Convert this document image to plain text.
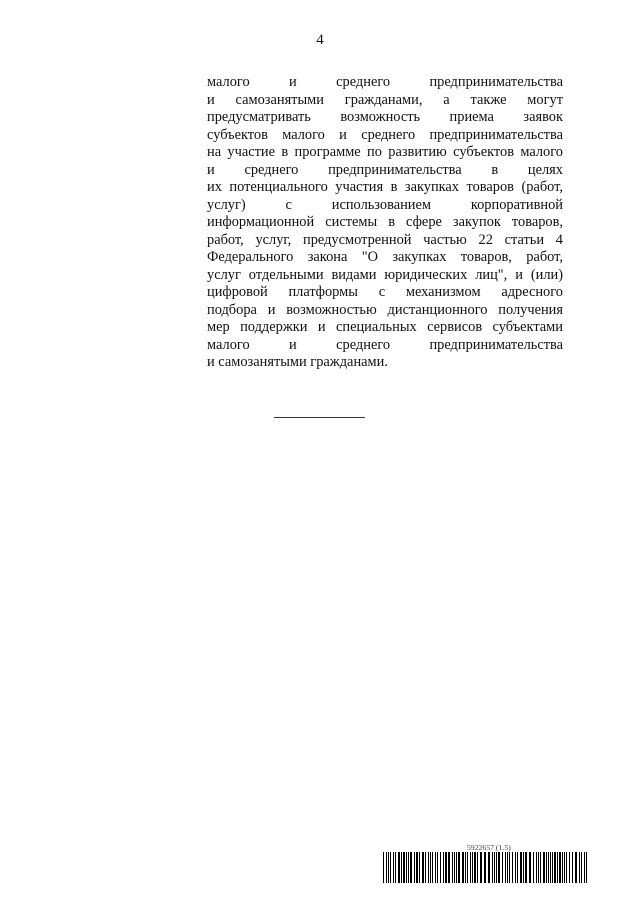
4
малого и среднего предпринимательства
и самозанятыми гражданами, а также могут
предусматривать возможность приема заявок
субъектов малого и среднего предпринимательства
на участие в программе по развитию субъектов малого
и среднего предпринимательства в целях
их потенциального участия в закупках товаров (работ,
услуг) с использованием корпоративной
информационной системы в сфере закупок товаров,
работ, услуг, предусмотренной частью 22 статьи 4
Федерального закона "О закупках товаров, работ,
услуг отдельными видами юридических лиц", и (или)
цифровой платформы с механизмом адресного
подбора и возможностью дистанционного получения
мер поддержки и специальных сервисов субъектами
малого и среднего предпринимательства
и самозанятыми гражданами.
5922657 (1.5)
